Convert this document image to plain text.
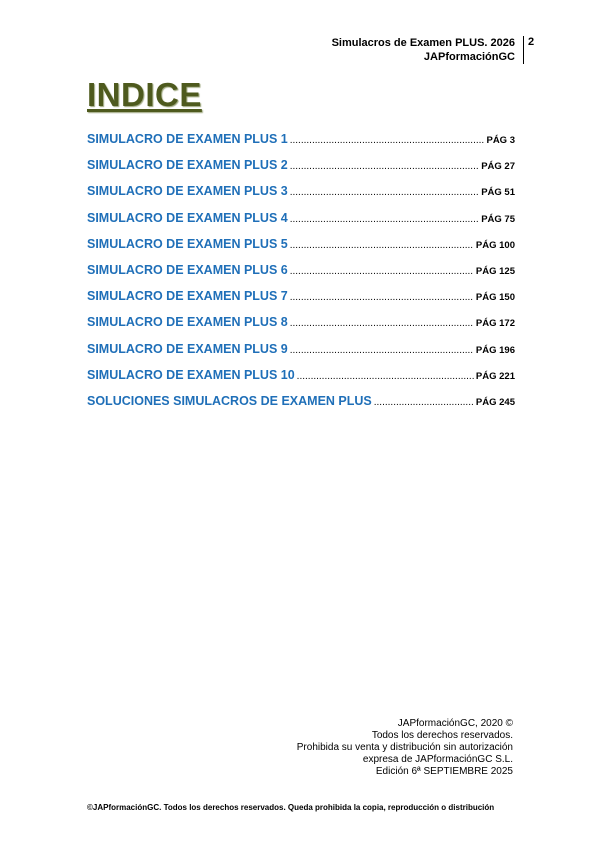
Simulacros de Examen PLUS. 2026
JAPformaciónGC
2
INDICE
SIMULACRO DE EXAMEN PLUS 1 .....	PÁG 3
SIMULACRO DE EXAMEN PLUS 2 .....	PÁG 27
SIMULACRO DE EXAMEN PLUS 3 .....	PÁG 51
SIMULACRO DE EXAMEN PLUS 4 .....	PÁG 75
SIMULACRO DE EXAMEN PLUS 5 .....	PÁG 100
SIMULACRO DE EXAMEN PLUS 6 .....	PÁG 125
SIMULACRO DE EXAMEN PLUS 7 .....	PÁG 150
SIMULACRO DE EXAMEN PLUS 8 .....	PÁG 172
SIMULACRO DE EXAMEN PLUS 9 .....	PÁG 196
SIMULACRO DE EXAMEN PLUS 10 .....	PÁG 221
SOLUCIONES SIMULACROS DE EXAMEN PLUS .....	PÁG 245
JAPformaciónGC, 2020 ©
Todos los derechos reservados.
Prohibida su venta y distribución sin autorización
expresa de JAPformaciónGC S.L.
Edición 6ª SEPTIEMBRE 2025
©JAPformaciónGC. Todos los derechos reservados. Queda prohibida la copia, reproducción o distribución
